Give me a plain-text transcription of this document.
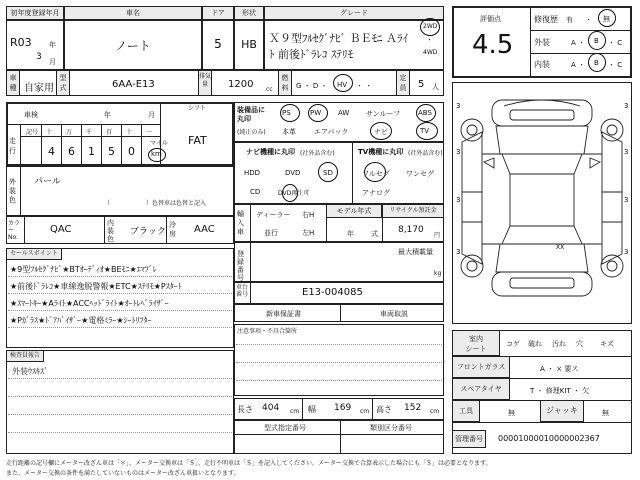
初年度登録年月	車名	ドア	形状	グレード
R03 年
3 月
ノート	5	HB	Ｘ９型ﾌﾙｾｸﾞﾅﾋﾞ ＢＥﾓﾆ Ａﾗｲ
ﾄ 前後ﾄﾞﾗﾚｺ ｽﾃﾘﾓ
2WD
・
4WD
車種 自家用
型式	6AA-E13
排気量	1200 cc
燃料	G ・ D ・ HV ・ ・
定員	5 人
評価点
4.5
修復歴 有 ・ 無
外装	A ・ B ・ C
内装	A ・ B ・ C
車検	年	月
シフト
FAT
走行
記号 十 万 千 百 十 一
4 6 1 5 0
マイル
km
外装色
パール
（　　　　　　）色替車は色替と記入
カラーNo.
QAC
内装色
ブラック
冷房 AAC
セールスポイント
★9型ﾌﾙｾｸﾞﾅﾋﾞ★BTｵｰﾃﾞｨｵ★BEﾓﾆ★ｴﾏﾌﾞﾚ
★前後ﾄﾞﾗﾚｺ★車線逸脱警報★ETC★ｽﾃﾘﾓ★Pｽﾀｰﾄ
★ｽﾏｰﾄｷｰ★Aﾗｲﾄ★ACCﾍｯﾄﾞﾗｲﾄ★ｵｰﾄﾚﾍﾞﾗｲｻﾞｰ
★Pｶﾞﾗｽ★ﾄﾞｱﾊﾞｲｻﾞｰ★電格ﾐﾗｰ★ｼｰﾄﾘﾌﾀｰ
検査員報告
外装ｳｽｷｽﾞ
装備品に丸印
(純正のみ)
PS	PW AW サンルーフ	ABS
本革	エアバック	ナビ	TV
ナビ機種に丸印 (社外品含む)	TV機種に丸印 (社外品含む)
HDD	DVD	SD
CD	DVD再生可
フルセグ ワンセグ
アナログ
輸入車
ディーラー
並行
右H
左H
モデル年式
年 式
リサイクル預託金
8,170
円
登録番号
最大積載量
kg
車台番号	E13-004085
新車保証書	車両取説
注意事項・不具合箇所
長さ 404 cm 幅 169 cm 高さ 152 cm
型式指定番号	類別区分番号
3	3
3	3
3	3
3	3
XX
室内
シート
コゲ 破れ 汚れ 穴 キズ
フロントガラス	A ・ × 要ス
スペアタイヤ	T ・ 修理KIT ・ 欠
工具	無	ジャッキ	無
管理番号	00001000010000002367
走行距離の記号欄にメーター改ざん車は「＊」、メーター交換車は「＄」、走行不明車は「＄」を記入してください。メーター交換で合算表示した場合にも「＄」は必要となります。
また、メーター交換の条件を満たしていないものはメーター改ざん車扱いとなります。
